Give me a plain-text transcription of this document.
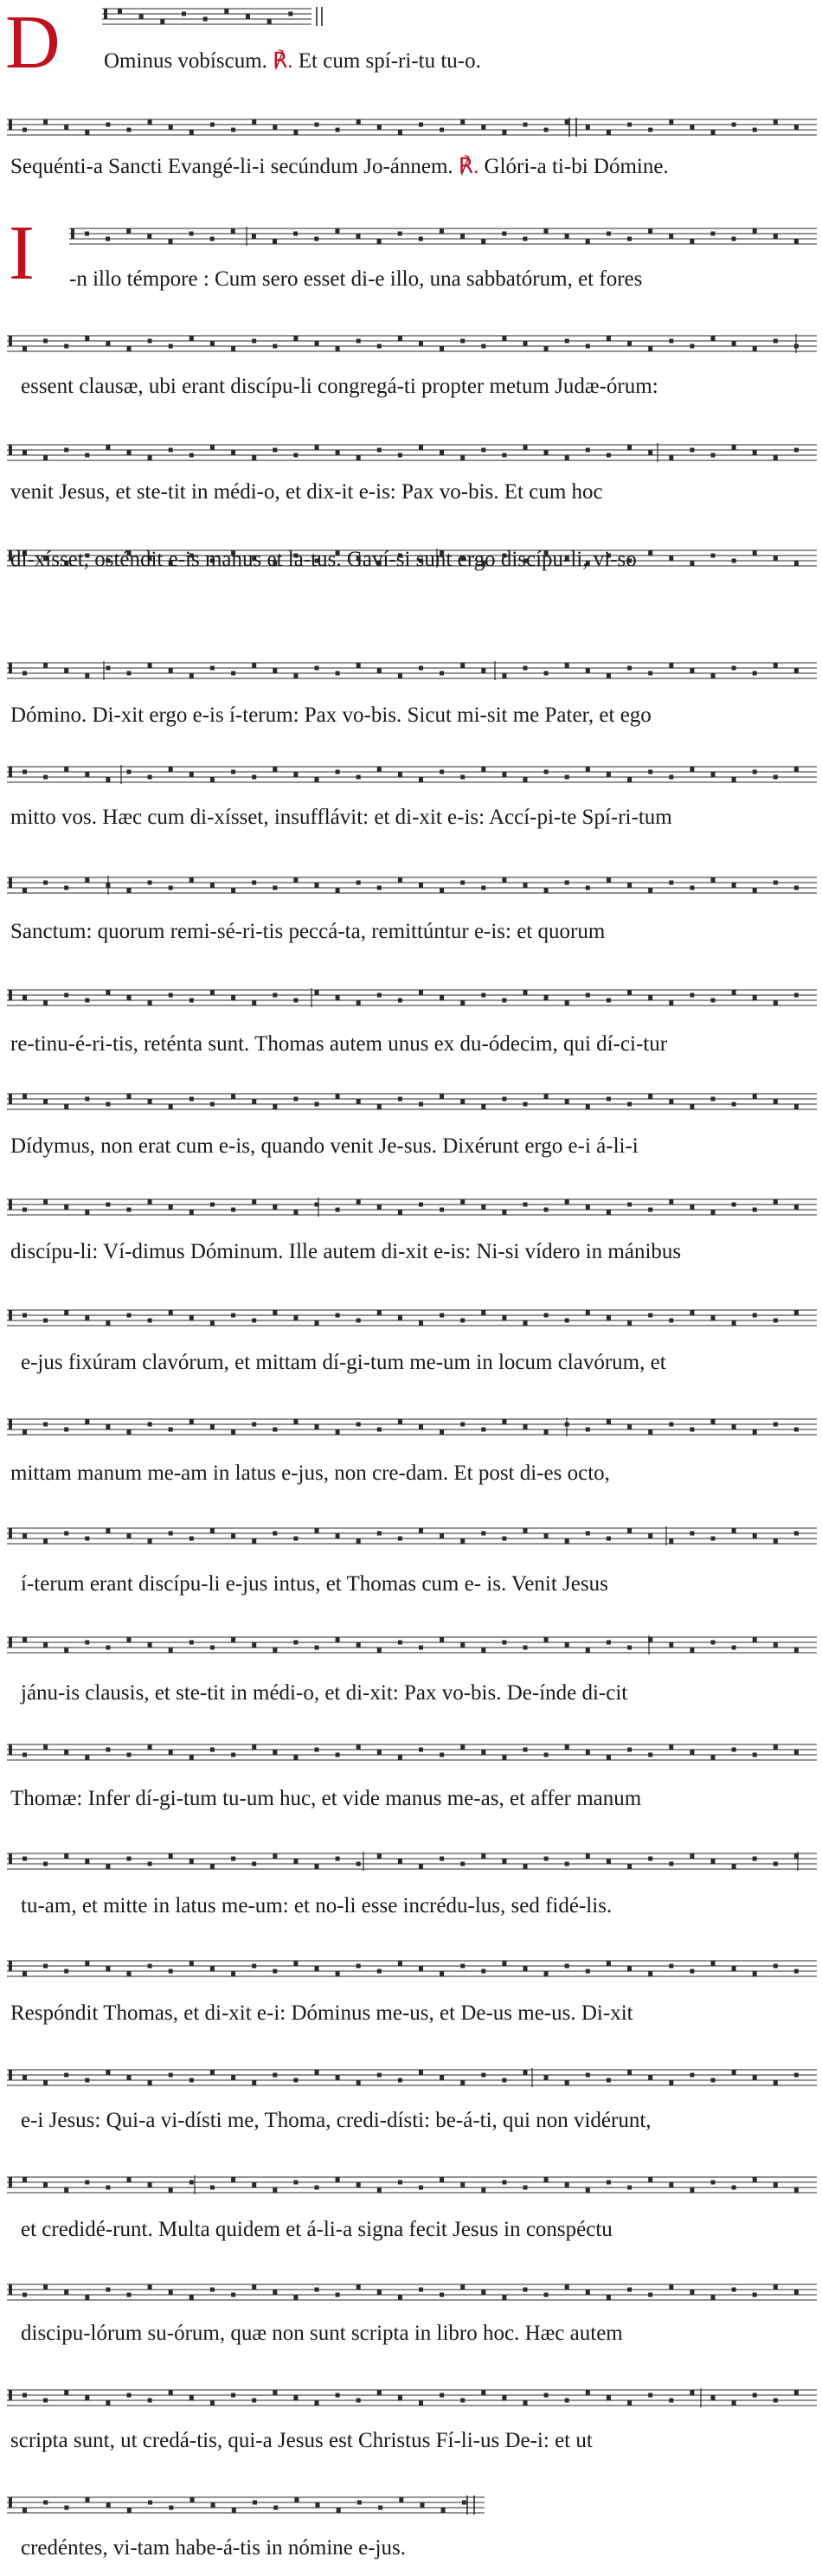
D
I
Ominus vobíscum. ℟. Et cum spí-ri-tu tu-o.
Sequénti-a Sancti Evangé-li-i secúndum Jo-ánnem. ℟. Glóri-a ti-bi Dómine.
-n illo témpore : Cum sero esset di-e illo, una sabbatórum, et fores
essent clausæ, ubi erant discípu-li congregá-ti propter metum Judæ-órum:
venit Jesus, et ste-tit in médi-o, et dix-it e-is: Pax vo-bis. Et cum hoc
di-xísset, osténdit e-is manus et la-tus. Gaví-si sunt ergo discípu-li, vi-so
Dómino. Di-xit ergo e-is í-terum: Pax vo-bis. Sicut mi-sit me Pater, et ego
mitto vos. Hæc cum di-xísset, insufflávit: et di-xit e-is: Accí-pi-te Spí-ri-tum
Sanctum: quorum remi-sé-ri-tis peccá-ta, remittúntur e-is: et quorum
re-tinu-é-ri-tis, reténta sunt. Thomas autem unus ex du-ódecim, qui dí-ci-tur
Dídymus, non erat cum e-is, quando venit Je-sus. Dixérunt ergo e-i á-li-i
discípu-li: Ví-dimus Dóminum. Ille autem di-xit e-is: Ni-si vídero in mánibus
e-jus fixúram clavórum, et mittam dí-gi-tum me-um in locum clavórum, et
mittam manum me-am in latus e-jus, non cre-dam. Et post di-es octo,
í-terum erant discípu-li e-jus intus, et Thomas cum e- is. Venit Jesus
jánu-is clausis, et ste-tit in médi-o, et di-xit: Pax vo-bis. De-índe di-cit
Thomæ: Infer dí-gi-tum tu-um huc, et vide manus me-as, et affer manum
tu-am, et mitte in latus me-um: et no-li esse incrédu-lus, sed fidé-lis.
Respóndit Thomas, et di-xit e-i: Dóminus me-us, et De-us me-us. Di-xit
e-i Jesus: Qui-a vi-dísti me, Thoma, credi-dísti: be-á-ti, qui non vidérunt,
et credidé-runt. Multa quidem et á-li-a signa fecit Jesus in conspéctu
discipu-lórum su-órum, quæ non sunt scripta in libro hoc. Hæc autem
scripta sunt, ut credá-tis, qui-a Jesus est Christus Fí-li-us De-i: et ut
credéntes, vi-tam habe-á-tis in nómine e-jus.
